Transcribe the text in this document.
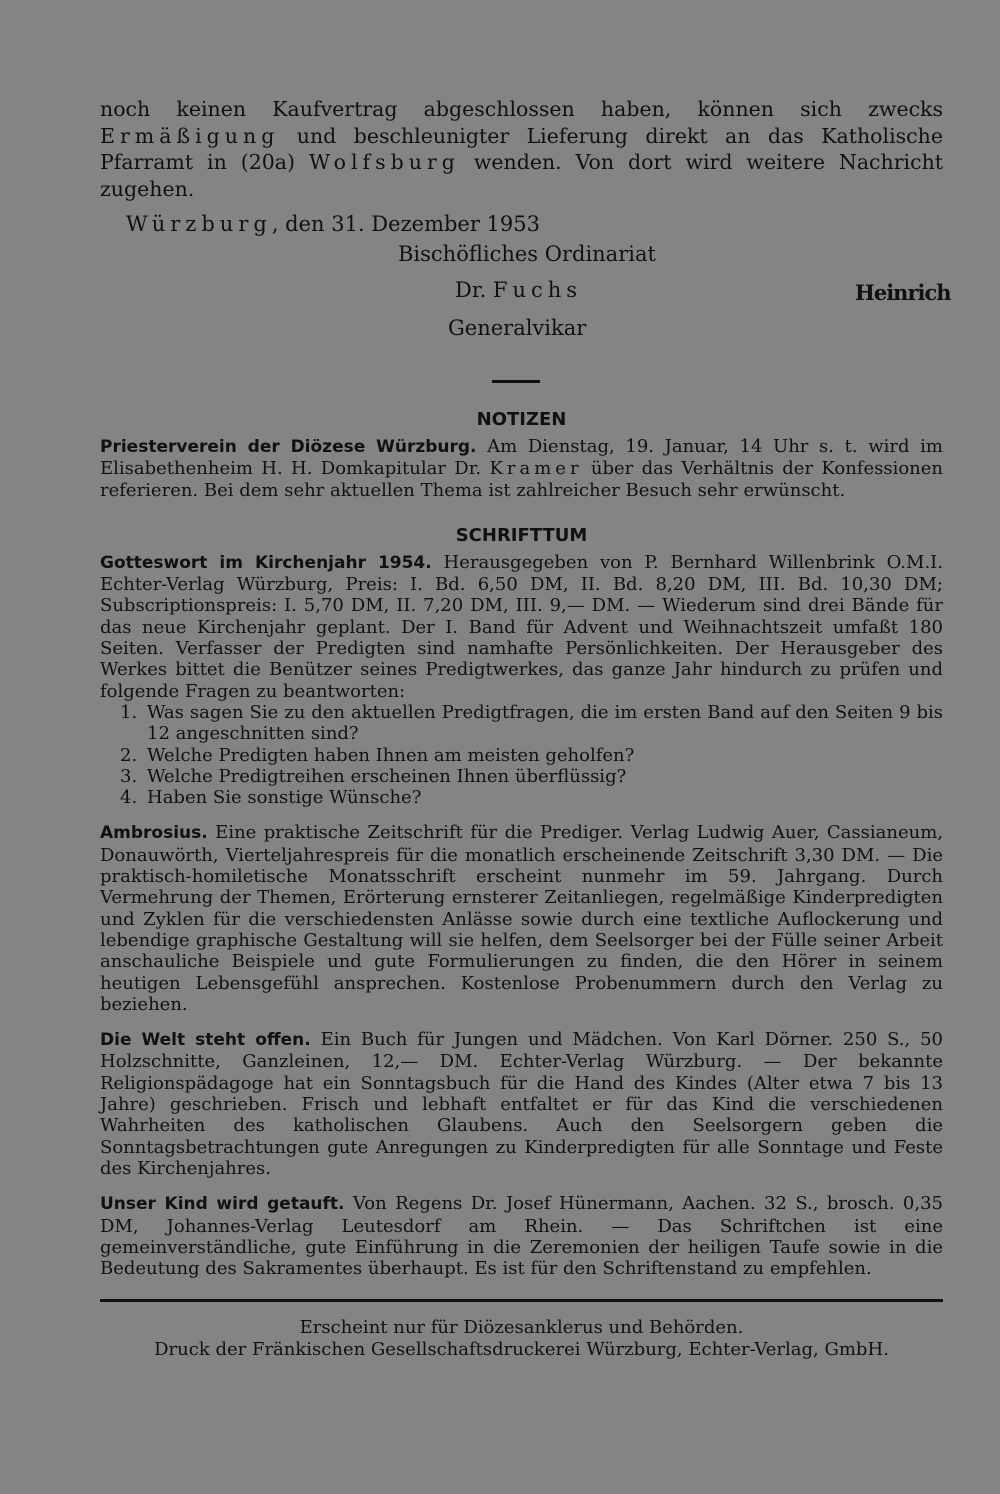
noch keinen Kaufvertrag abgeschlossen haben, können sich zwecks Ermäßigung und beschleunigter Lieferung direkt an das Katholische Pfarramt in (20a) Wolfsburg wenden. Von dort wird weitere Nachricht zugehen.

Würzburg, den 31. Dezember 1953
Bischöfliches Ordinariat
Dr. Fuchs	Heinrich
Generalvikar
NOTIZEN

Priesterverein der Diözese Würzburg. Am Dienstag, 19. Januar, 14 Uhr s. t. wird im Elisabethenheim H. H. Domkapitular Dr. Kramer über das Verhältnis der Konfessionen referieren. Bei dem sehr aktuellen Thema ist zahlreicher Besuch sehr erwünscht.

SCHRIFTTUM

Gotteswort im Kirchenjahr 1954. Herausgegeben von P. Bernhard Willenbrink O.M.I. Echter-Verlag Würzburg, Preis: I. Bd. 6,50 DM, II. Bd. 8,20 DM, III. Bd. 10,30 DM; Subscriptionspreis: I. 5,70 DM, II. 7,20 DM, III. 9,— DM. — Wiederum sind drei Bände für das neue Kirchenjahr geplant. Der I. Band für Advent und Weihnachtszeit umfaßt 180 Seiten. Verfasser der Predigten sind namhafte Persönlichkeiten. Der Herausgeber des Werkes bittet die Benützer seines Predigtwerkes, das ganze Jahr hindurch zu prüfen und folgende Fragen zu beantworten:

1. Was sagen Sie zu den aktuellen Predigtfragen, die im ersten Band auf den Seiten 9 bis 12 angeschnitten sind?
2. Welche Predigten haben Ihnen am meisten geholfen?
3. Welche Predigtreihen erscheinen Ihnen überflüssig?
4. Haben Sie sonstige Wünsche?

Ambrosius. Eine praktische Zeitschrift für die Prediger. Verlag Ludwig Auer, Cassianeum, Donauwörth, Vierteljahrespreis für die monatlich erscheinende Zeitschrift 3,30 DM. — Die praktisch-homiletische Monatsschrift erscheint nunmehr im 59. Jahrgang. Durch Vermehrung der Themen, Erörterung ernsterer Zeitanliegen, regelmäßige Kinderpredigten und Zyklen für die verschiedensten Anlässe sowie durch eine textliche Auflockerung und lebendige graphische Gestaltung will sie helfen, dem Seelsorger bei der Fülle seiner Arbeit anschauliche Beispiele und gute Formulierungen zu finden, die den Hörer in seinem heutigen Lebensgefühl ansprechen. Kostenlose Probenummern durch den Verlag zu beziehen.

Die Welt steht offen. Ein Buch für Jungen und Mädchen. Von Karl Dörner. 250 S., 50 Holzschnitte, Ganzleinen, 12,— DM. Echter-Verlag Würzburg. — Der bekannte Religionspädagoge hat ein Sonntagsbuch für die Hand des Kindes (Alter etwa 7 bis 13 Jahre) geschrieben. Frisch und lebhaft entfaltet er für das Kind die verschiedenen Wahrheiten des katholischen Glaubens. Auch den Seelsorgern geben die Sonntagsbetrachtungen gute Anregungen zu Kinderpredigten für alle Sonntage und Feste des Kirchenjahres.

Unser Kind wird getauft. Von Regens Dr. Josef Hünermann, Aachen. 32 S., brosch. 0,35 DM, Johannes-Verlag Leutesdorf am Rhein. — Das Schriftchen ist eine gemeinverständliche, gute Einführung in die Zeremonien der heiligen Taufe sowie in die Bedeutung des Sakramentes überhaupt. Es ist für den Schriftenstand zu empfehlen.

Erscheint nur für Diözesanklerus und Behörden.
Druck der Fränkischen Gesellschaftsdruckerei Würzburg, Echter-Verlag, GmbH.
